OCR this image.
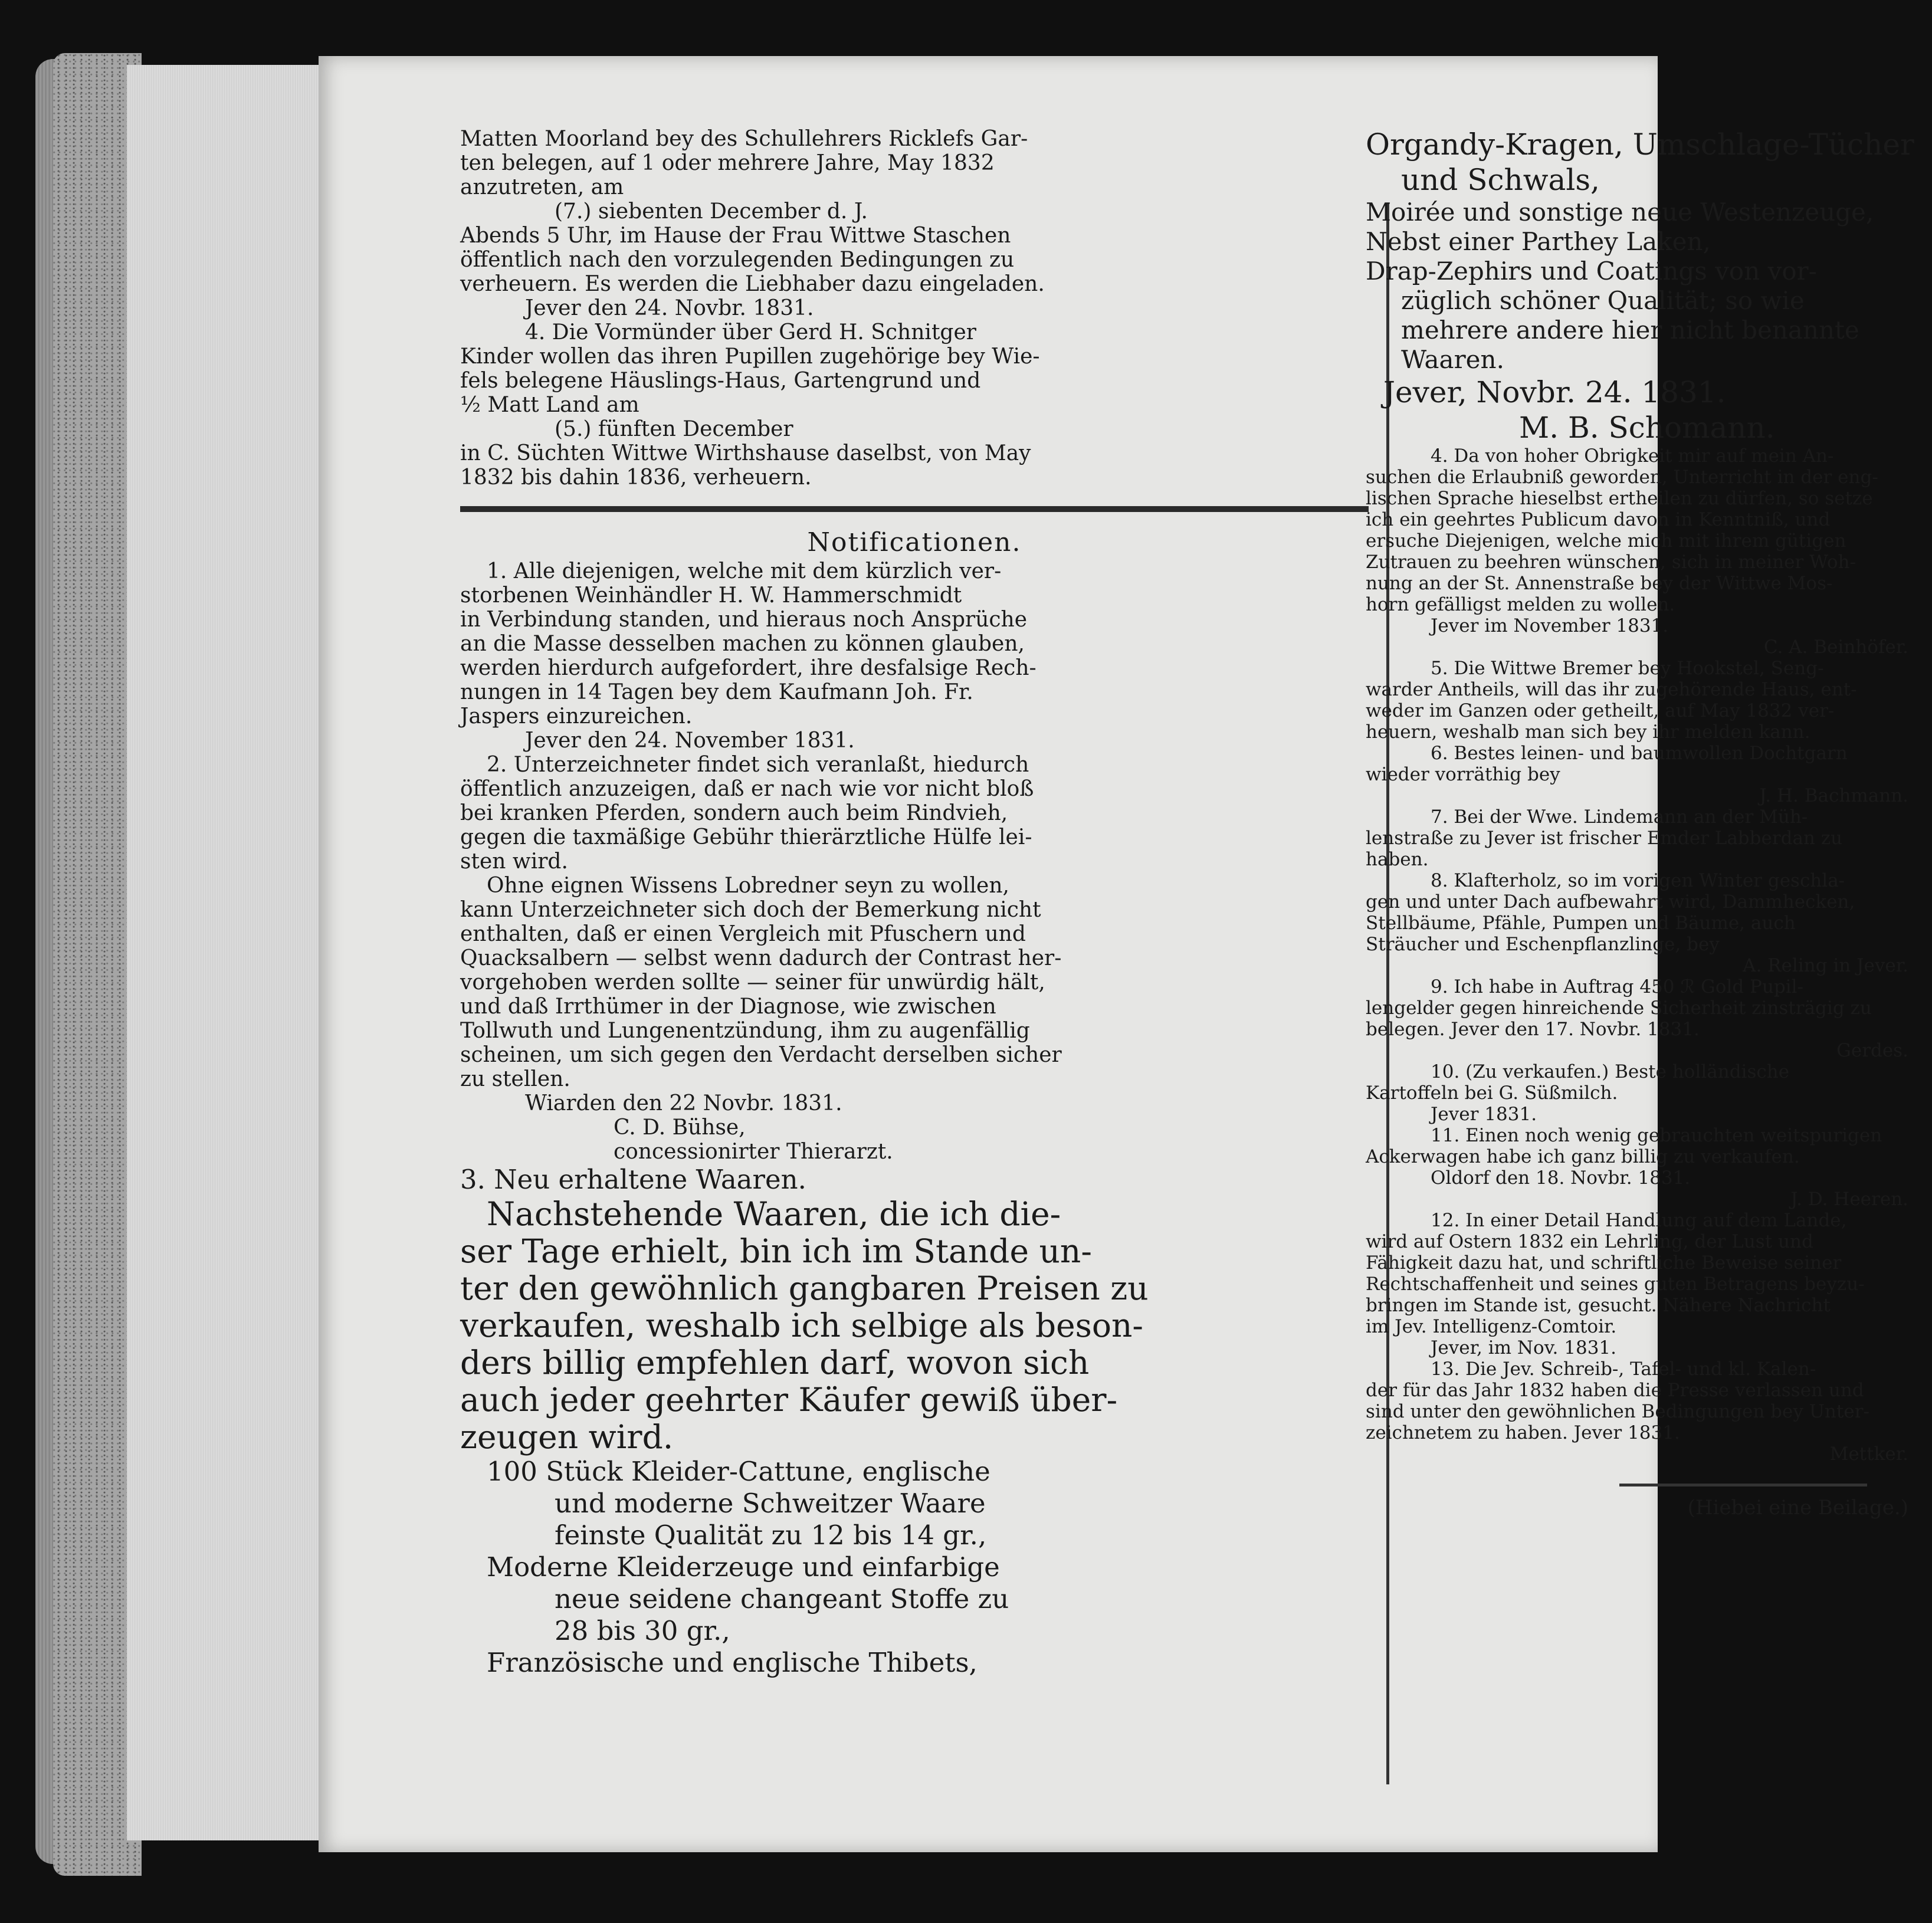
Matten Moorland bey des Schullehrers Ricklefs Gar-
ten belegen, auf 1 oder mehrere Jahre, May 1832
anzutreten, am
(7.) siebenten December d. J.
Abends 5 Uhr, im Hause der Frau Wittwe Staschen
öffentlich nach den vorzulegenden Bedingungen zu
verheuern. Es werden die Liebhaber dazu eingeladen.
Jever den 24. Novbr. 1831.
4. Die Vormünder über Gerd H. Schnitger
Kinder wollen das ihren Pupillen zugehörige bey Wie-
fels belegene Häuslings-Haus, Gartengrund und
½ Matt Land am
(5.) fünften December
in C. Süchten Wittwe Wirthshause daselbst, von May
1832 bis dahin 1836, verheuern.
Notificationen.
1. Alle diejenigen, welche mit dem kürzlich ver-
storbenen Weinhändler H. W. Hammerschmidt
in Verbindung standen, und hieraus noch Ansprüche
an die Masse desselben machen zu können glauben,
werden hierdurch aufgefordert, ihre desfalsige Rech-
nungen in 14 Tagen bey dem Kaufmann Joh. Fr.
Jaspers einzureichen.
Jever den 24. November 1831.
2. Unterzeichneter findet sich veranlaßt, hiedurch
öffentlich anzuzeigen, daß er nach wie vor nicht bloß
bei kranken Pferden, sondern auch beim Rindvieh,
gegen die taxmäßige Gebühr thierärztliche Hülfe lei-
sten wird.
Ohne eignen Wissens Lobredner seyn zu wollen,
kann Unterzeichneter sich doch der Bemerkung nicht
enthalten, daß er einen Vergleich mit Pfuschern und
Quacksalbern — selbst wenn dadurch der Contrast her-
vorgehoben werden sollte — seiner für unwürdig hält,
und daß Irrthümer in der Diagnose, wie zwischen
Tollwuth und Lungenentzündung, ihm zu augenfällig
scheinen, um sich gegen den Verdacht derselben sicher
zu stellen.
Wiarden den 22 Novbr. 1831.
C. D. Bühse,
concessionirter Thierarzt.
3. Neu erhaltene Waaren.
Nachstehende Waaren, die ich die-
ser Tage erhielt, bin ich im Stande un-
ter den gewöhnlich gangbaren Preisen zu
verkaufen, weshalb ich selbige als beson-
ders billig empfehlen darf, wovon sich
auch jeder geehrter Käufer gewiß über-
zeugen wird.
100 Stück Kleider-Cattune, englische
und moderne Schweitzer Waare
feinste Qualität zu 12 bis 14 gr.,
Moderne Kleiderzeuge und einfarbige
neue seidene changeant Stoffe zu
28 bis 30 gr.,
Französische und englische Thibets,
Organdy-Kragen, Umschlage-Tücher
und Schwals,
Moirée und sonstige neue Westenzeuge,
Nebst einer Parthey Laken,
Drap-Zephirs und Coatings von vor-
züglich schöner Qualität; so wie
mehrere andere hier nicht benannte
Waaren.
Jever, Novbr. 24. 1831.
M. B. Schomann.
4. Da von hoher Obrigkeit mir auf mein An-
suchen die Erlaubniß geworden, Unterricht in der eng-
lischen Sprache hieselbst ertheilen zu dürfen, so setze
ich ein geehrtes Publicum davon in Kenntniß, und
ersuche Diejenigen, welche mich mit ihrem gütigen
Zutrauen zu beehren wünschen, sich in meiner Woh-
nung an der St. Annenstraße bey der Wittwe Mos-
horn gefälligst melden zu wollen.
Jever im November 1831.
C. A. Beinhöfer.
5. Die Wittwe Bremer bey Hookstel, Seng-
warder Antheils, will das ihr zugehörende Haus, ent-
weder im Ganzen oder getheilt, auf May 1832 ver-
heuern, weshalb man sich bey ihr melden kann.
6. Bestes leinen- und baumwollen Dochtgarn
wieder vorräthig bey
J. H. Bachmann.
7. Bei der Wwe. Lindemann an der Müh-
lenstraße zu Jever ist frischer Emder Labberdan zu
haben.
8. Klafterholz, so im vorigen Winter geschla-
gen und unter Dach aufbewahrt wird, Dammhecken,
Stellbäume, Pfähle, Pumpen und Bäume, auch
Sträucher und Eschenpflanzlinge, bey
A. Reling in Jever.
9. Ich habe in Auftrag 450 ℛ Gold Pupil-
lengelder gegen hinreichende Sicherheit zinsträgig zu
belegen. Jever den 17. Novbr. 1831.
Gerdes.
10. (Zu verkaufen.) Beste holländische
Kartoffeln bei G. Süßmilch.
Jever 1831.
11. Einen noch wenig gebrauchten weitspurigen
Ackerwagen habe ich ganz billig zu verkaufen.
Oldorf den 18. Novbr. 1831.
J. D. Heeren.
12. In einer Detail Handlung auf dem Lande,
wird auf Ostern 1832 ein Lehrling, der Lust und
Fähigkeit dazu hat, und schriftliche Beweise seiner
Rechtschaffenheit und seines guten Betragens beyzu-
bringen im Stande ist, gesucht. Nähere Nachricht
im Jev. Intelligenz-Comtoir.
Jever, im Nov. 1831.
13. Die Jev. Schreib-, Tafel- und kl. Kalen-
der für das Jahr 1832 haben die Presse verlassen und
sind unter den gewöhnlichen Bedingungen bey Unter-
zeichnetem zu haben. Jever 1831.
Mettker.
(Hiebei eine Beilage.)
